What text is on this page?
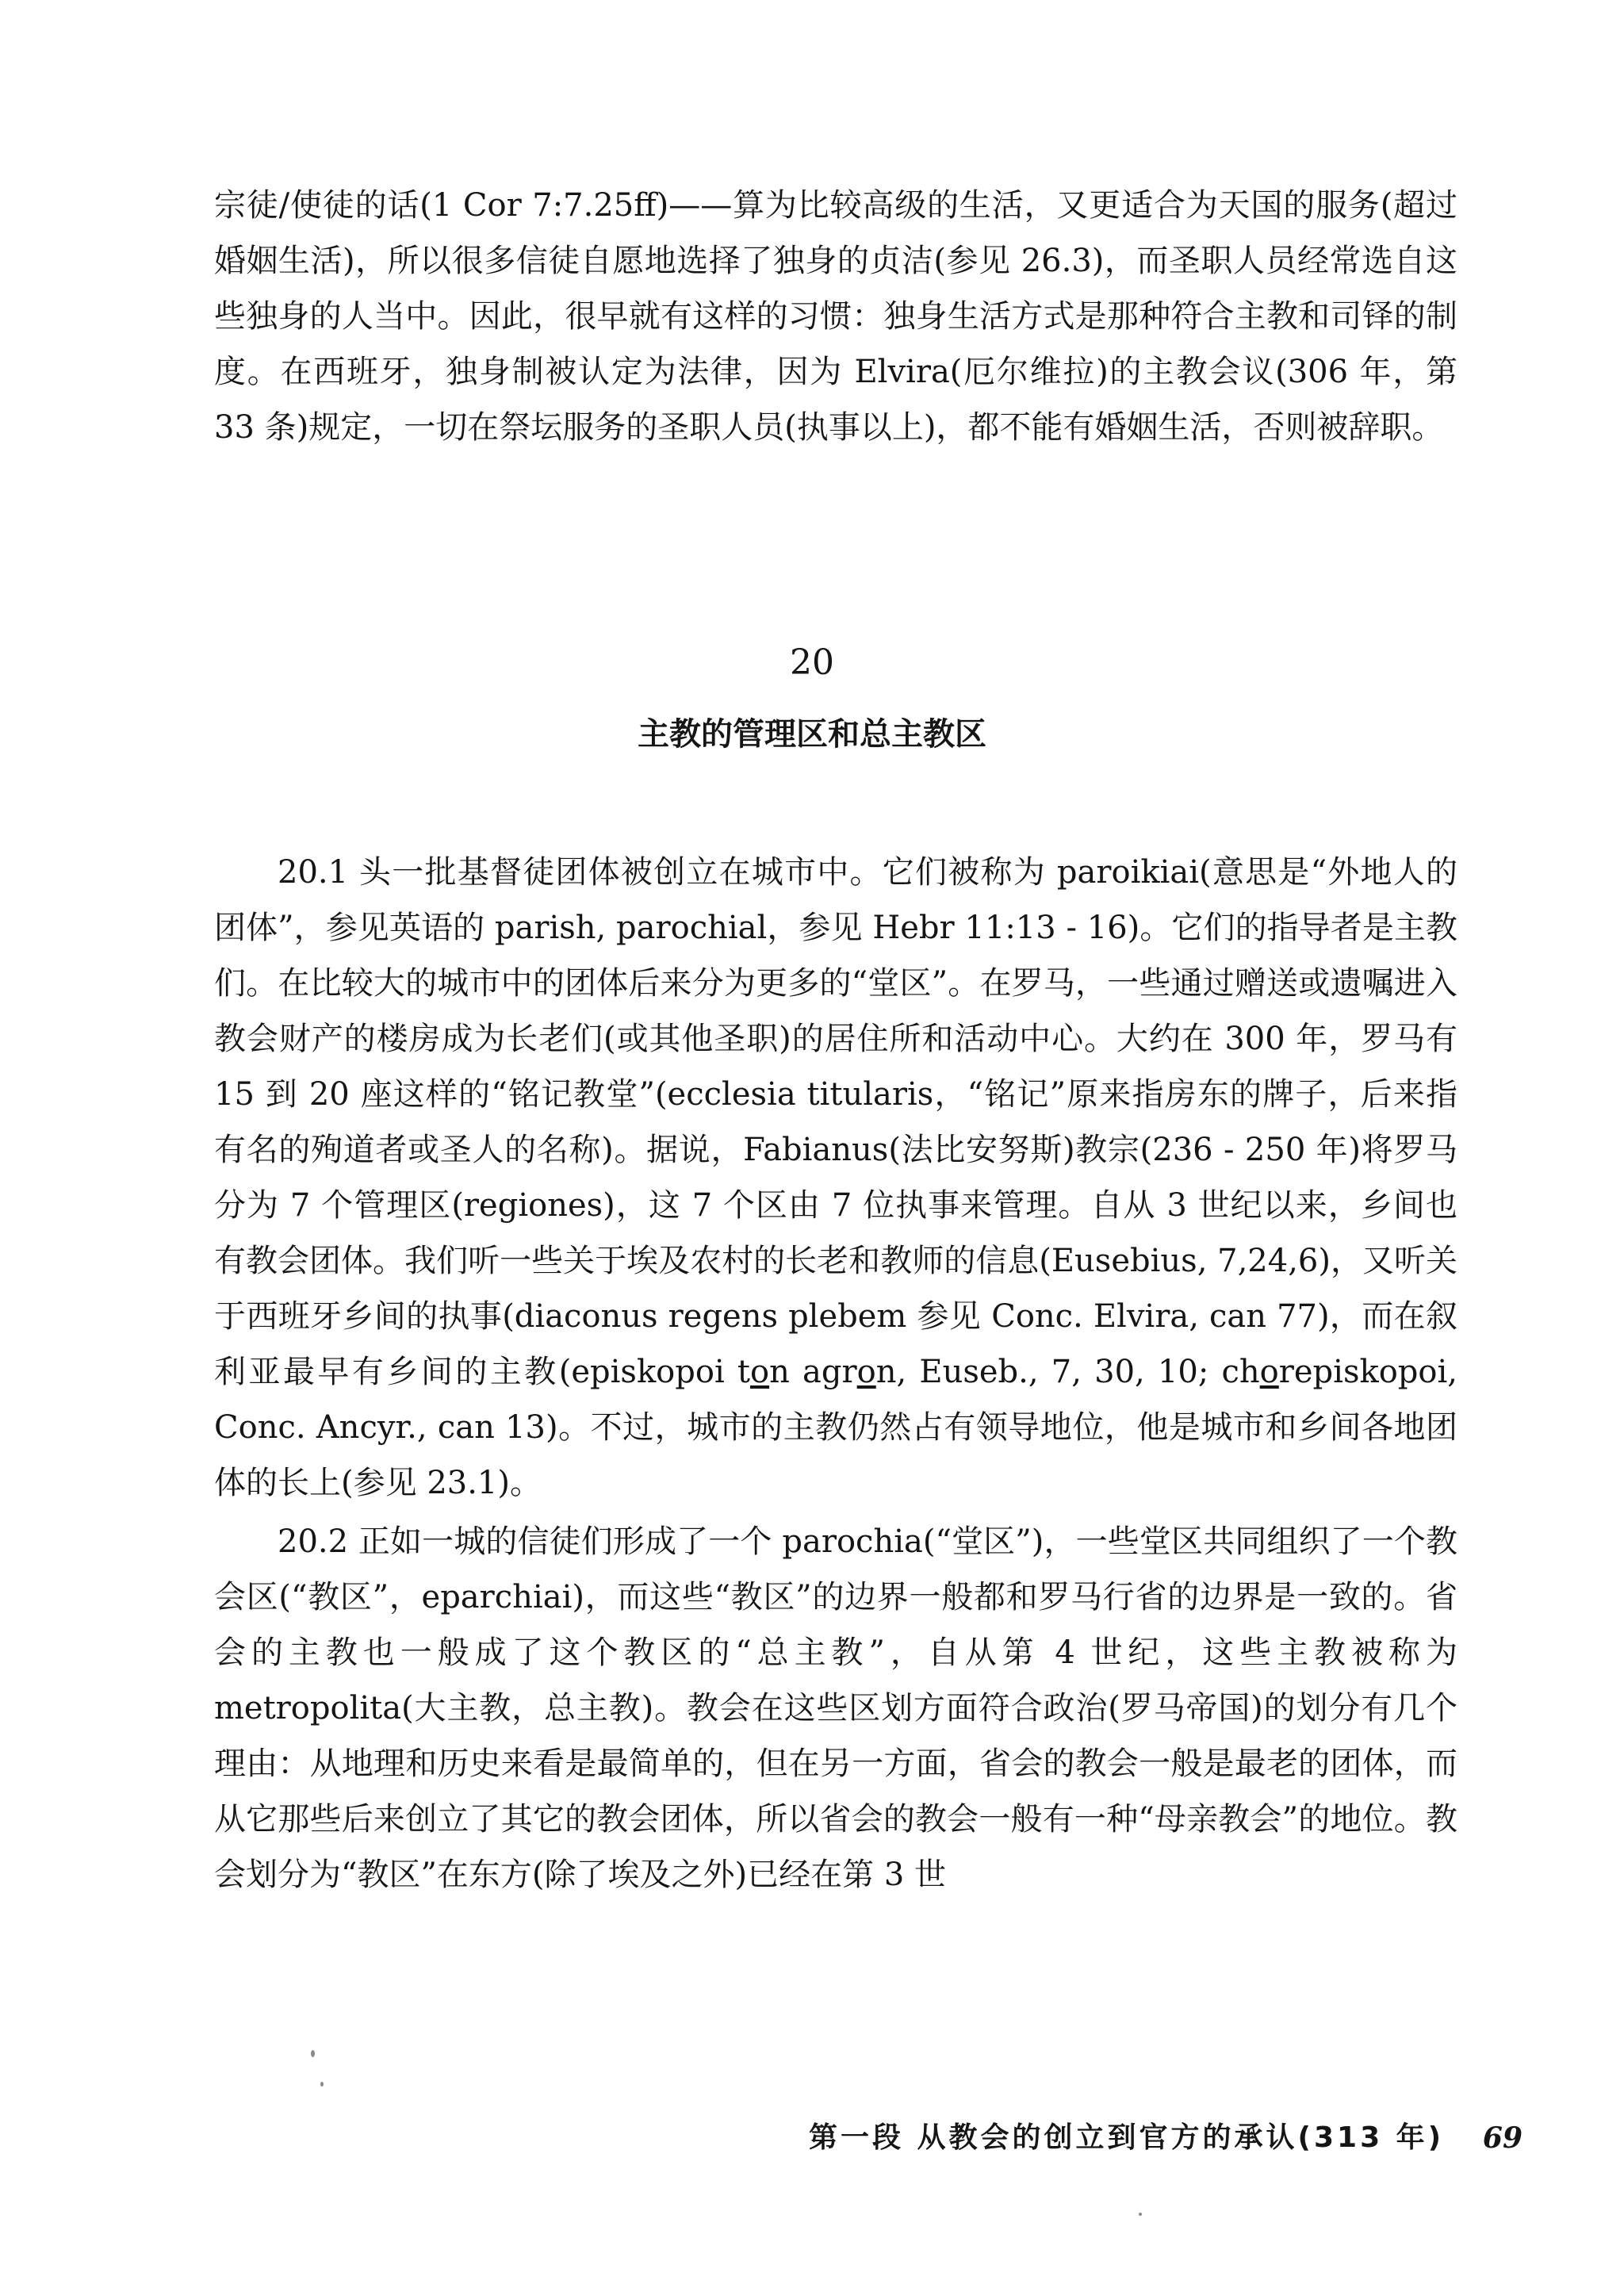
宗徒/使徒的话(1 Cor 7:7.25ff)——算为比较高级的生活，又更适合为天国的服务(超过婚姻生活)，所以很多信徒自愿地选择了独身的贞洁(参见 26.3)，而圣职人员经常选自这些独身的人当中。因此，很早就有这样的习惯：独身生活方式是那种符合主教和司铎的制度。在西班牙，独身制被认定为法律，因为 Elvira(厄尔维拉)的主教会议(306 年，第 33 条)规定，一切在祭坛服务的圣职人员(执事以上)，都不能有婚姻生活，否则被辞职。

20
主教的管理区和总主教区

20.1 头一批基督徒团体被创立在城市中。它们被称为 paroikiai(意思是“外地人的团体”，参见英语的 parish, parochial，参见 Hebr 11:13 - 16)。它们的指导者是主教们。在比较大的城市中的团体后来分为更多的“堂区”。在罗马，一些通过赠送或遗嘱进入教会财产的楼房成为长老们(或其他圣职)的居住所和活动中心。大约在 300 年，罗马有 15 到 20 座这样的“铭记教堂”(ecclesia titularis，“铭记”原来指房东的牌子，后来指有名的殉道者或圣人的名称)。据说，Fabianus(法比安努斯)教宗(236 - 250 年)将罗马分为 7 个管理区(regiones)，这 7 个区由 7 位执事来管理。自从 3 世纪以来，乡间也有教会团体。我们听一些关于埃及农村的长老和教师的信息(Eusebius, 7,24,6)，又听关于西班牙乡间的执事(diaconus regens plebem 参见 Conc. Elvira, can 77)，而在叙利亚最早有乡间的主教(episkopoi ton agron, Euseb., 7, 30, 10; chorepiskopoi, Conc. Ancyr., can 13)。不过，城市的主教仍然占有领导地位，他是城市和乡间各地团体的长上(参见 23.1)。

20.2 正如一城的信徒们形成了一个 parochia(“堂区”)，一些堂区共同组织了一个教会区(“教区”，eparchiai)，而这些“教区”的边界一般都和罗马行省的边界是一致的。省会的主教也一般成了这个教区的“总主教”，自从第 4 世纪，这些主教被称为 metropolita(大主教，总主教)。教会在这些区划方面符合政治(罗马帝国)的划分有几个理由：从地理和历史来看是最简单的，但在另一方面，省会的教会一般是最老的团体，而从它那些后来创立了其它的教会团体，所以省会的教会一般有一种“母亲教会”的地位。教会划分为“教区”在东方(除了埃及之外)已经在第 3 世

第一段 从教会的创立到官方的承认(313 年) 69
